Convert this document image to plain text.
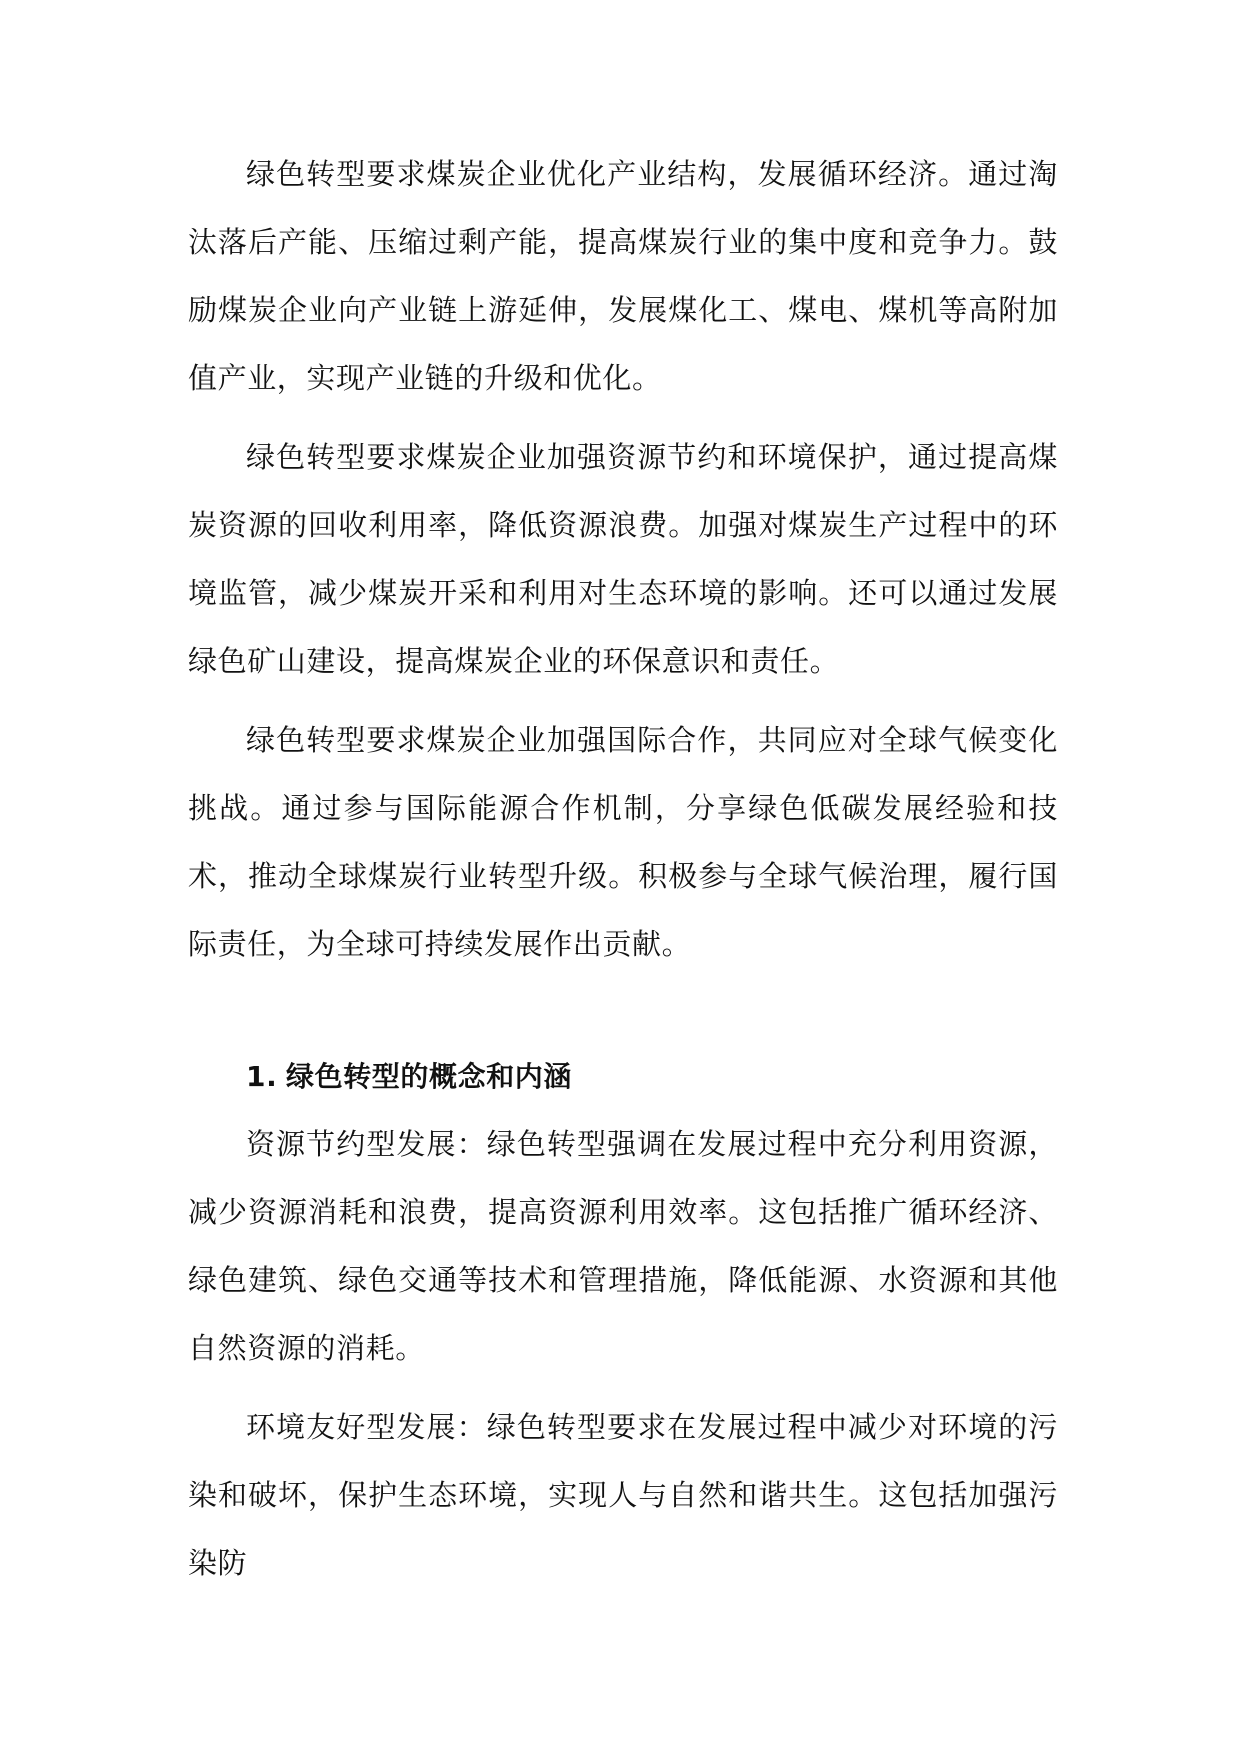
绿色转型要求煤炭企业优化产业结构，发展循环经济。通过淘汰落后产能、压缩过剩产能，提高煤炭行业的集中度和竞争力。鼓励煤炭企业向产业链上游延伸，发展煤化工、煤电、煤机等高附加值产业，实现产业链的升级和优化。

绿色转型要求煤炭企业加强资源节约和环境保护，通过提高煤炭资源的回收利用率，降低资源浪费。加强对煤炭生产过程中的环境监管，减少煤炭开采和利用对生态环境的影响。还可以通过发展绿色矿山建设，提高煤炭企业的环保意识和责任。

绿色转型要求煤炭企业加强国际合作，共同应对全球气候变化挑战。通过参与国际能源合作机制，分享绿色低碳发展经验和技术，推动全球煤炭行业转型升级。积极参与全球气候治理，履行国际责任，为全球可持续发展作出贡献。

1. 绿色转型的概念和内涵

资源节约型发展：绿色转型强调在发展过程中充分利用资源，减少资源消耗和浪费，提高资源利用效率。这包括推广循环经济、绿色建筑、绿色交通等技术和管理措施，降低能源、水资源和其他自然资源的消耗。

环境友好型发展：绿色转型要求在发展过程中减少对环境的污染和破坏，保护生态环境，实现人与自然和谐共生。这包括加强污染防
